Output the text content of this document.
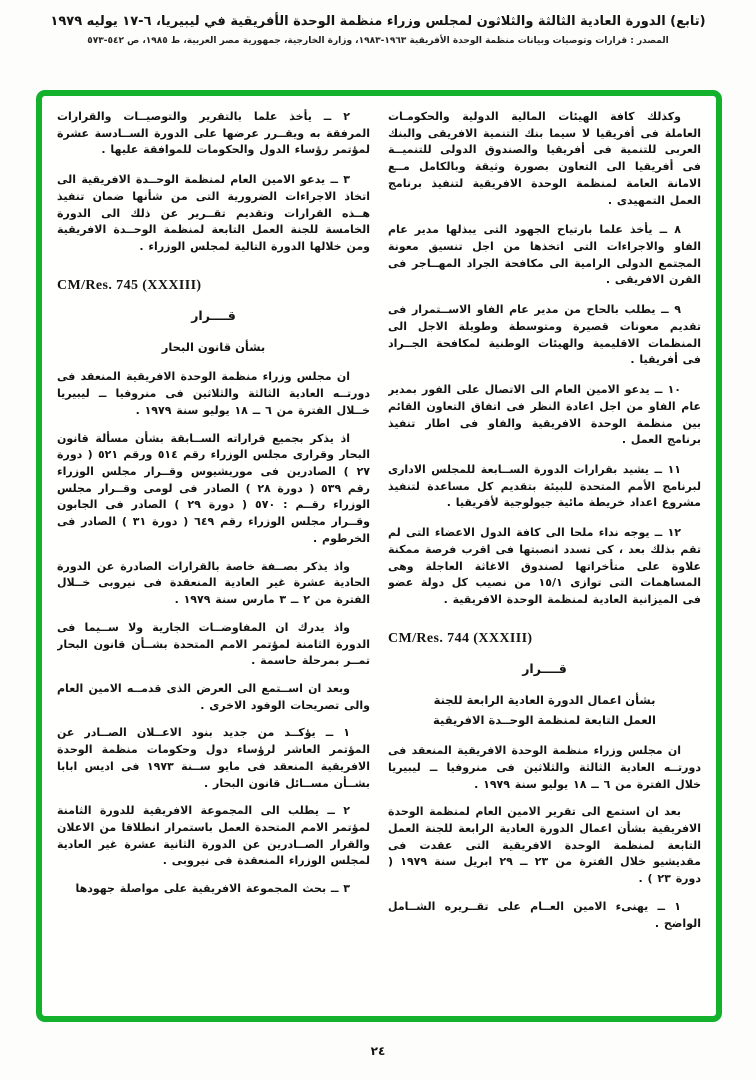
(تابع) الدورة العادية الثالثة والثلاثون لمجلس وزراء منظمة الوحدة الأفريقية في ليبيريا، ٦-١٧ يوليه ١٩٧٩
المصدر : قرارات وتوصيات وبيانات منظمة الوحدة الأفريقية ١٩٦٣-١٩٨٣، وزارة الخارجية، جمهورية مصر العربية، ط ١٩٨٥، ص ٥٤٢-٥٧٣

وكذلك كافة الهيئات المالية الدولية والحكومـات العاملة فى أفريقيا لا سيما بنك التنمية الافريقى والبنك العربى للتنمية فى أفريقيا والصندوق الدولى للتنميــة فى أفريقيا الى التعاون بصورة وثيقة وبالكامل مــع الامانة العامة لمنظمة الوحدة الافريقية لتنفيذ برنامج العمل التمهيدى .

٨ ــ يأخذ علما بارتياح الجهود التى يبذلها مدير عام الفاو والاجراءات التى اتخذها من اجل تنسيق معونة المجتمع الدولى الرامية الى مكافحة الجراد المهــاجر فى القرن الافريقى .

٩ ــ يطلب بالحاح من مدير عام الفاو الاســتمرار فى تقديم معونات قصيرة ومتوسطة وطويلة الاجل الى المنظمات الاقليمية والهيئات الوطنية لمكافحة الجــراد فى أفريقيا .

١٠ ــ يدعو الامين العام الى الاتصال على الفور بمدير عام الفاو من اجل اعادة النظر فى اتفاق التعاون القائم بين منظمة الوحدة الافريقية والفاو فى اطار تنفيذ برنامج العمل .

١١ ــ يشيد بقرارات الدورة الســابعة للمجلس الادارى لبرنامج الأمم المتحدة للبيئة بتقديم كل مساعدة لتنفيذ مشروع اعداد خريطة مائية جيولوجية لأفريقيا .

١٢ ــ يوجه نداء ملحا الى كافة الدول الاعضاء التى لم تقم بذلك بعد ، كى تسدد انصبتها فى اقرب فرصة ممكنة علاوة على متأخراتها لصندوق الاغاثة العاجلة وهى المساهمات التى توازى ١٥/١ من نصيب كل دولة عضو فى الميزانية العادية لمنظمة الوحدة الافريقية .

CM/Res. 744 (XXXIII)
قــــرار
بشأن اعمال الدورة العادية الرابعة للجنة
العمل التابعة لمنظمة الوحــدة الافريقية

ان مجلس وزراء منظمة الوحدة الافريقية المنعقد فى دورتــه العادية الثالثة والثلاثين فى منروفيا ــ ليبيريا خلال الفترة من ٦ ــ ١٨ يوليو سنة ١٩٧٩ .

بعد ان استمع الى تقرير الامين العام لمنظمة الوحدة الافريقية بشأن اعمال الدورة العادية الرابعة للجنة العمل التابعة لمنظمة الوحدة الافريقية التى عقدت فى مقديشيو خلال الفترة من ٢٣ ــ ٢٩ ابريل سنة ١٩٧٩ ( دورة ٢٣ ) .

١ ــ يهنىء الامين العــام على تقــريره الشــامل الواضح .

٢ ــ يأخذ علما بالتقرير والتوصيــات والقرارات المرفقة به ويقــرر عرضها على الدورة الســادسة عشرة لمؤتمر رؤساء الدول والحكومات للموافقة عليها .

٣ ــ يدعو الامين العام لمنظمة الوحــدة الافريقية الى اتخاذ الاجراءات الضرورية التى من شأنها ضمان تنفيذ هــذه القرارات وتقديم تقــرير عن ذلك الى الدورة الخامسة للجنة العمل التابعة لمنظمة الوحــدة الافريقية ومن خلالها الدورة التالية لمجلس الوزراء .

CM/Res. 745 (XXXIII)
قــــرار
بشأن قانون البحار

ان مجلس وزراء منظمة الوحدة الافريقية المنعقد فى دورتــه العادية الثالثة والثلاثين فى منروفيا ــ ليبيريا خــلال الفترة من ٦ ــ ١٨ يوليو سنة ١٩٧٩ .

اذ يذكر بجميع قراراته الســابقة بشأن مسألة قانون البحار وقرارى مجلس الوزراء رقم ٥١٤ ورقم ٥٢١ ( دورة ٢٧ ) الصادرين فى موريشيوس وقــرار مجلس الوزراء رقم ٥٣٩ ( دورة ٢٨ ) الصادر فى لومى وقــرار مجلس الوزراء رقــم : ٥٧٠ ( دورة ٢٩ ) الصادر فى الجابون وقــرار مجلس الوزراء رقم ٦٤٩ ( دورة ٣١ ) الصادر فى الخرطوم .

واذ يذكر بصــفة خاصة بالقرارات الصادرة عن الدورة الحادية عشرة غير العادية المنعقدة فى نيروبى خــلال الفترة من ٢ ــ ٣ مارس سنة ١٩٧٩ .

واذ يدرك ان المفاوضــات الجارية ولا ســيما فى الدورة الثامنة لمؤتمر الامم المتحدة بشــأن قانون البحار تمــر بمرحلة حاسمة .

وبعد ان اســتمع الى العرض الذى قدمــه الامين العام والى تصريحات الوفود الاخرى .

١ ــ يؤكــد من جديد بنود الاعــلان الصــادر عن المؤتمر العاشر لرؤساء دول وحكومات منظمة الوحدة الافريقية المنعقد فى مايو ســنة ١٩٧٣ فى اديس ابابا بشــأن مســائل قانون البحار .

٢ ــ يطلب الى المجموعة الافريقية للدورة الثامنة لمؤتمر الامم المتحدة العمل باستمرار انطلاقا من الاعلان والقرار الصــادرين عن الدورة الثانية عشرة غير العادية لمجلس الوزراء المنعقدة فى نيروبى .

٣ ــ بحث المجموعة الافريقية على مواصلة جهودها

٢٤
